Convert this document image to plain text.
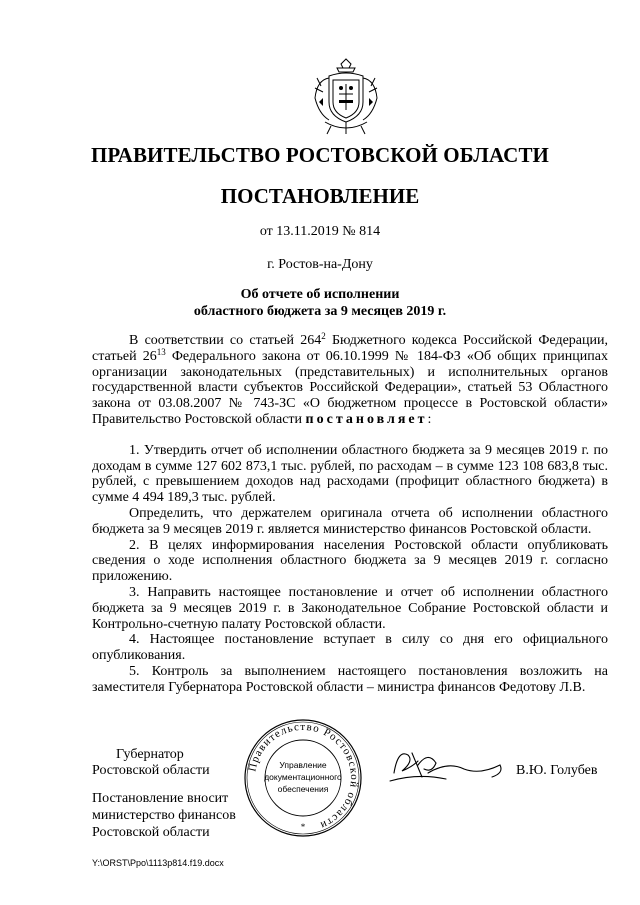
ПРАВИТЕЛЬСТВО РОСТОВСКОЙ ОБЛАСТИ
ПОСТАНОВЛЕНИЕ
от 13.11.2019 № 814
г. Ростов-на-Дону
Об отчете об исполнении
областного бюджета за 9 месяцев 2019 г.

В соответствии со статьей $264^2$ Бюджетного кодекса Российской Федерации, статьей $26^{13}$ Федерального закона от 06.10.1999 № 184-ФЗ «Об общих принципах организации законодательных (представительных) и исполнительных органов государственной власти субъектов Российской Федерации», статьей 53 Областного закона от 03.08.2007 № 743-ЗС «О бюджетном процессе в Ростовской области» Правительство Ростовской области постановляет:

1. Утвердить отчет об исполнении областного бюджета за 9 месяцев 2019 г. по доходам в сумме 127 602 873,1 тыс. рублей, по расходам – в сумме 123 108 683,8 тыс. рублей, с превышением доходов над расходами (профицит областного бюджета) в сумме 4 494 189,3 тыс. рублей.

Определить, что держателем оригинала отчета об исполнении областного бюджета за 9 месяцев 2019 г. является министерство финансов Ростовской области.

2. В целях информирования населения Ростовской области опубликовать сведения о ходе исполнения областного бюджета за 9 месяцев 2019 г. согласно приложению.

3. Направить настоящее постановление и отчет об исполнении областного бюджета за 9 месяцев 2019 г. в Законодательное Собрание Ростовской области и Контрольно-счетную палату Ростовской области.

4. Настоящее постановление вступает в силу со дня его официального опубликования.

5. Контроль за выполнением настоящего постановления возложить на заместителя Губернатора Ростовской области – министра финансов Федотову Л.В.

Губернатор
Ростовской области	Правительство Ростовской области
Управление
документационного
обеспечения
*
В.Ю. Голубев
Постановление вносит
министерство финансов
Ростовской области
Y:\ORST\Ppo\1113p814.f19.docx
